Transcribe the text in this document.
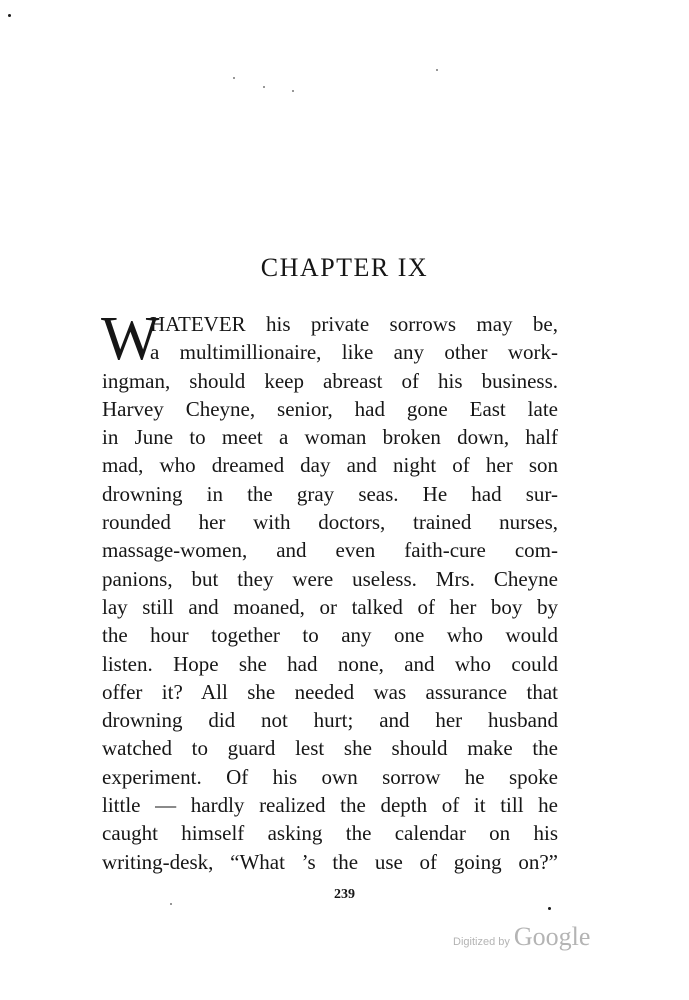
CHAPTER IX
W
HATEVER his private sorrows may be,
a multimillionaire, like any other work-
ingman, should keep abreast of his business.
Harvey Cheyne, senior, had gone East late
in June to meet a woman broken down, half
mad, who dreamed day and night of her son
drowning in the gray seas. He had sur-
rounded her with doctors, trained nurses,
massage-women, and even faith-cure com-
panions, but they were useless. Mrs. Cheyne
lay still and moaned, or talked of her boy by
the hour together to any one who would
listen. Hope she had none, and who could
offer it? All she needed was assurance that
drowning did not hurt; and her husband
watched to guard lest she should make the
experiment. Of his own sorrow he spoke
little — hardly realized the depth of it till he
caught himself asking the calendar on his
writing-desk, “What ’s the use of going on?”
239
Digitized by Google
